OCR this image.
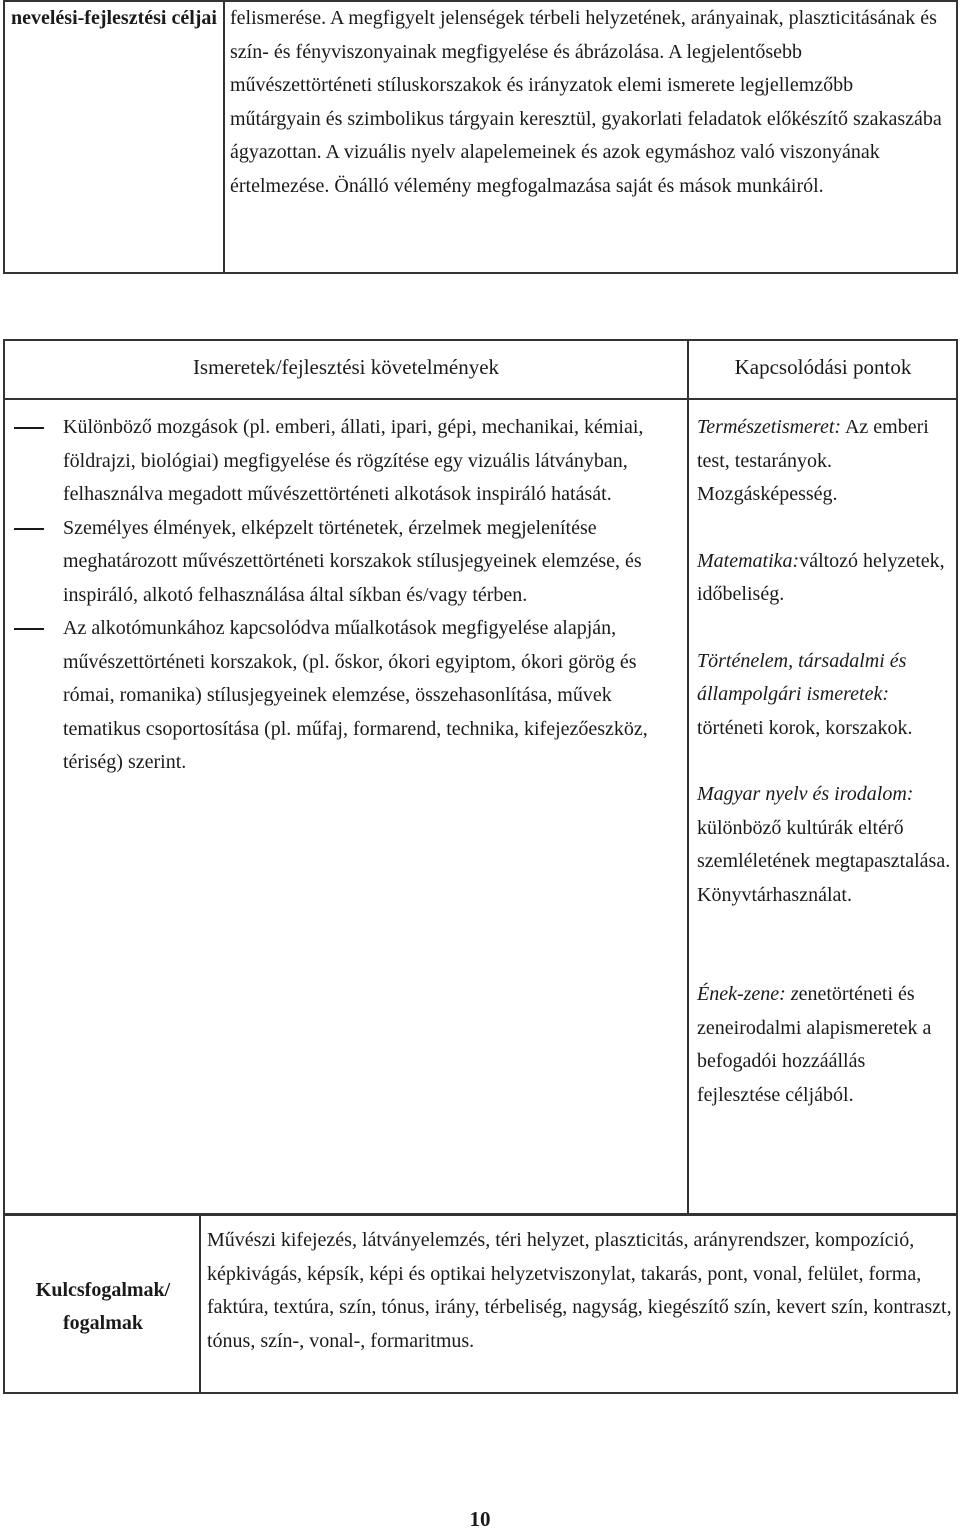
nevelési-fejlesztési céljai felismerése. A megfigyelt jelenségek térbeli helyzetének, arányainak, plaszticitásának és szín- és fényviszonyainak megfigyelése és ábrázolása. A legjelentősebb művészettörténeti stíluskorszakok és irányzatok elemi ismerete legjellemzőbb műtárgyain és szimbolikus tárgyain keresztül, gyakorlati feladatok előkészítő szakaszába ágyazottan. A vizuális nyelv alapelemeinek és azok egymáshoz való viszonyának értelmezése. Önálló vélemény megfogalmazása saját és mások munkáiról.
Ismeretek/fejlesztési követelmények	Kapcsolódási pontok
Különböző mozgások (pl. emberi, állati, ipari, gépi, mechanikai, kémiai, földrajzi, biológiai) megfigyelése és rögzítése egy vizuális látványban, felhasználva megadott művészettörténeti alkotások inspiráló hatását.
Személyes élmények, elképzelt történetek, érzelmek megjelenítése meghatározott művészettörténeti korszakok stílusjegyeinek elemzése, és inspiráló, alkotó felhasználása által síkban és/vagy térben.
Az alkotómunkához kapcsolódva műalkotások megfigyelése alapján, művészettörténeti korszakok, (pl. őskor, ókori egyiptom, ókori görög és római, romanika) stílusjegyeinek elemzése, összehasonlítása, művek tematikus csoportosítása (pl. műfaj, formarend, technika, kifejezőeszköz, tériség) szerint.

Természetismeret: Az emberi test, testarányok. Mozgásképesség.

Matematika:változó helyzetek, időbeliség.

Történelem, társadalmi és állampolgári ismeretek: történeti korok, korszakok.

Magyar nyelv és irodalom: különböző kultúrák eltérő szemléletének megtapasztalása. Könyvtárhasználat.

Ének-zene: zenetörténeti és zeneirodalmi alapismeretek a befogadói hozzáállás fejlesztése céljából.

Kulcsfogalmak/ fogalmak
Művészi kifejezés, látványelemzés, téri helyzet, plaszticitás, arányrendszer, kompozíció, képkivágás, képsík, képi és optikai helyzetviszonylat, takarás, pont, vonal, felület, forma, faktúra, textúra, szín, tónus, irány, térbeliség, nagyság, kiegészítő szín, kevert szín, kontraszt, tónus, szín-, vonal-, formaritmus.
10
